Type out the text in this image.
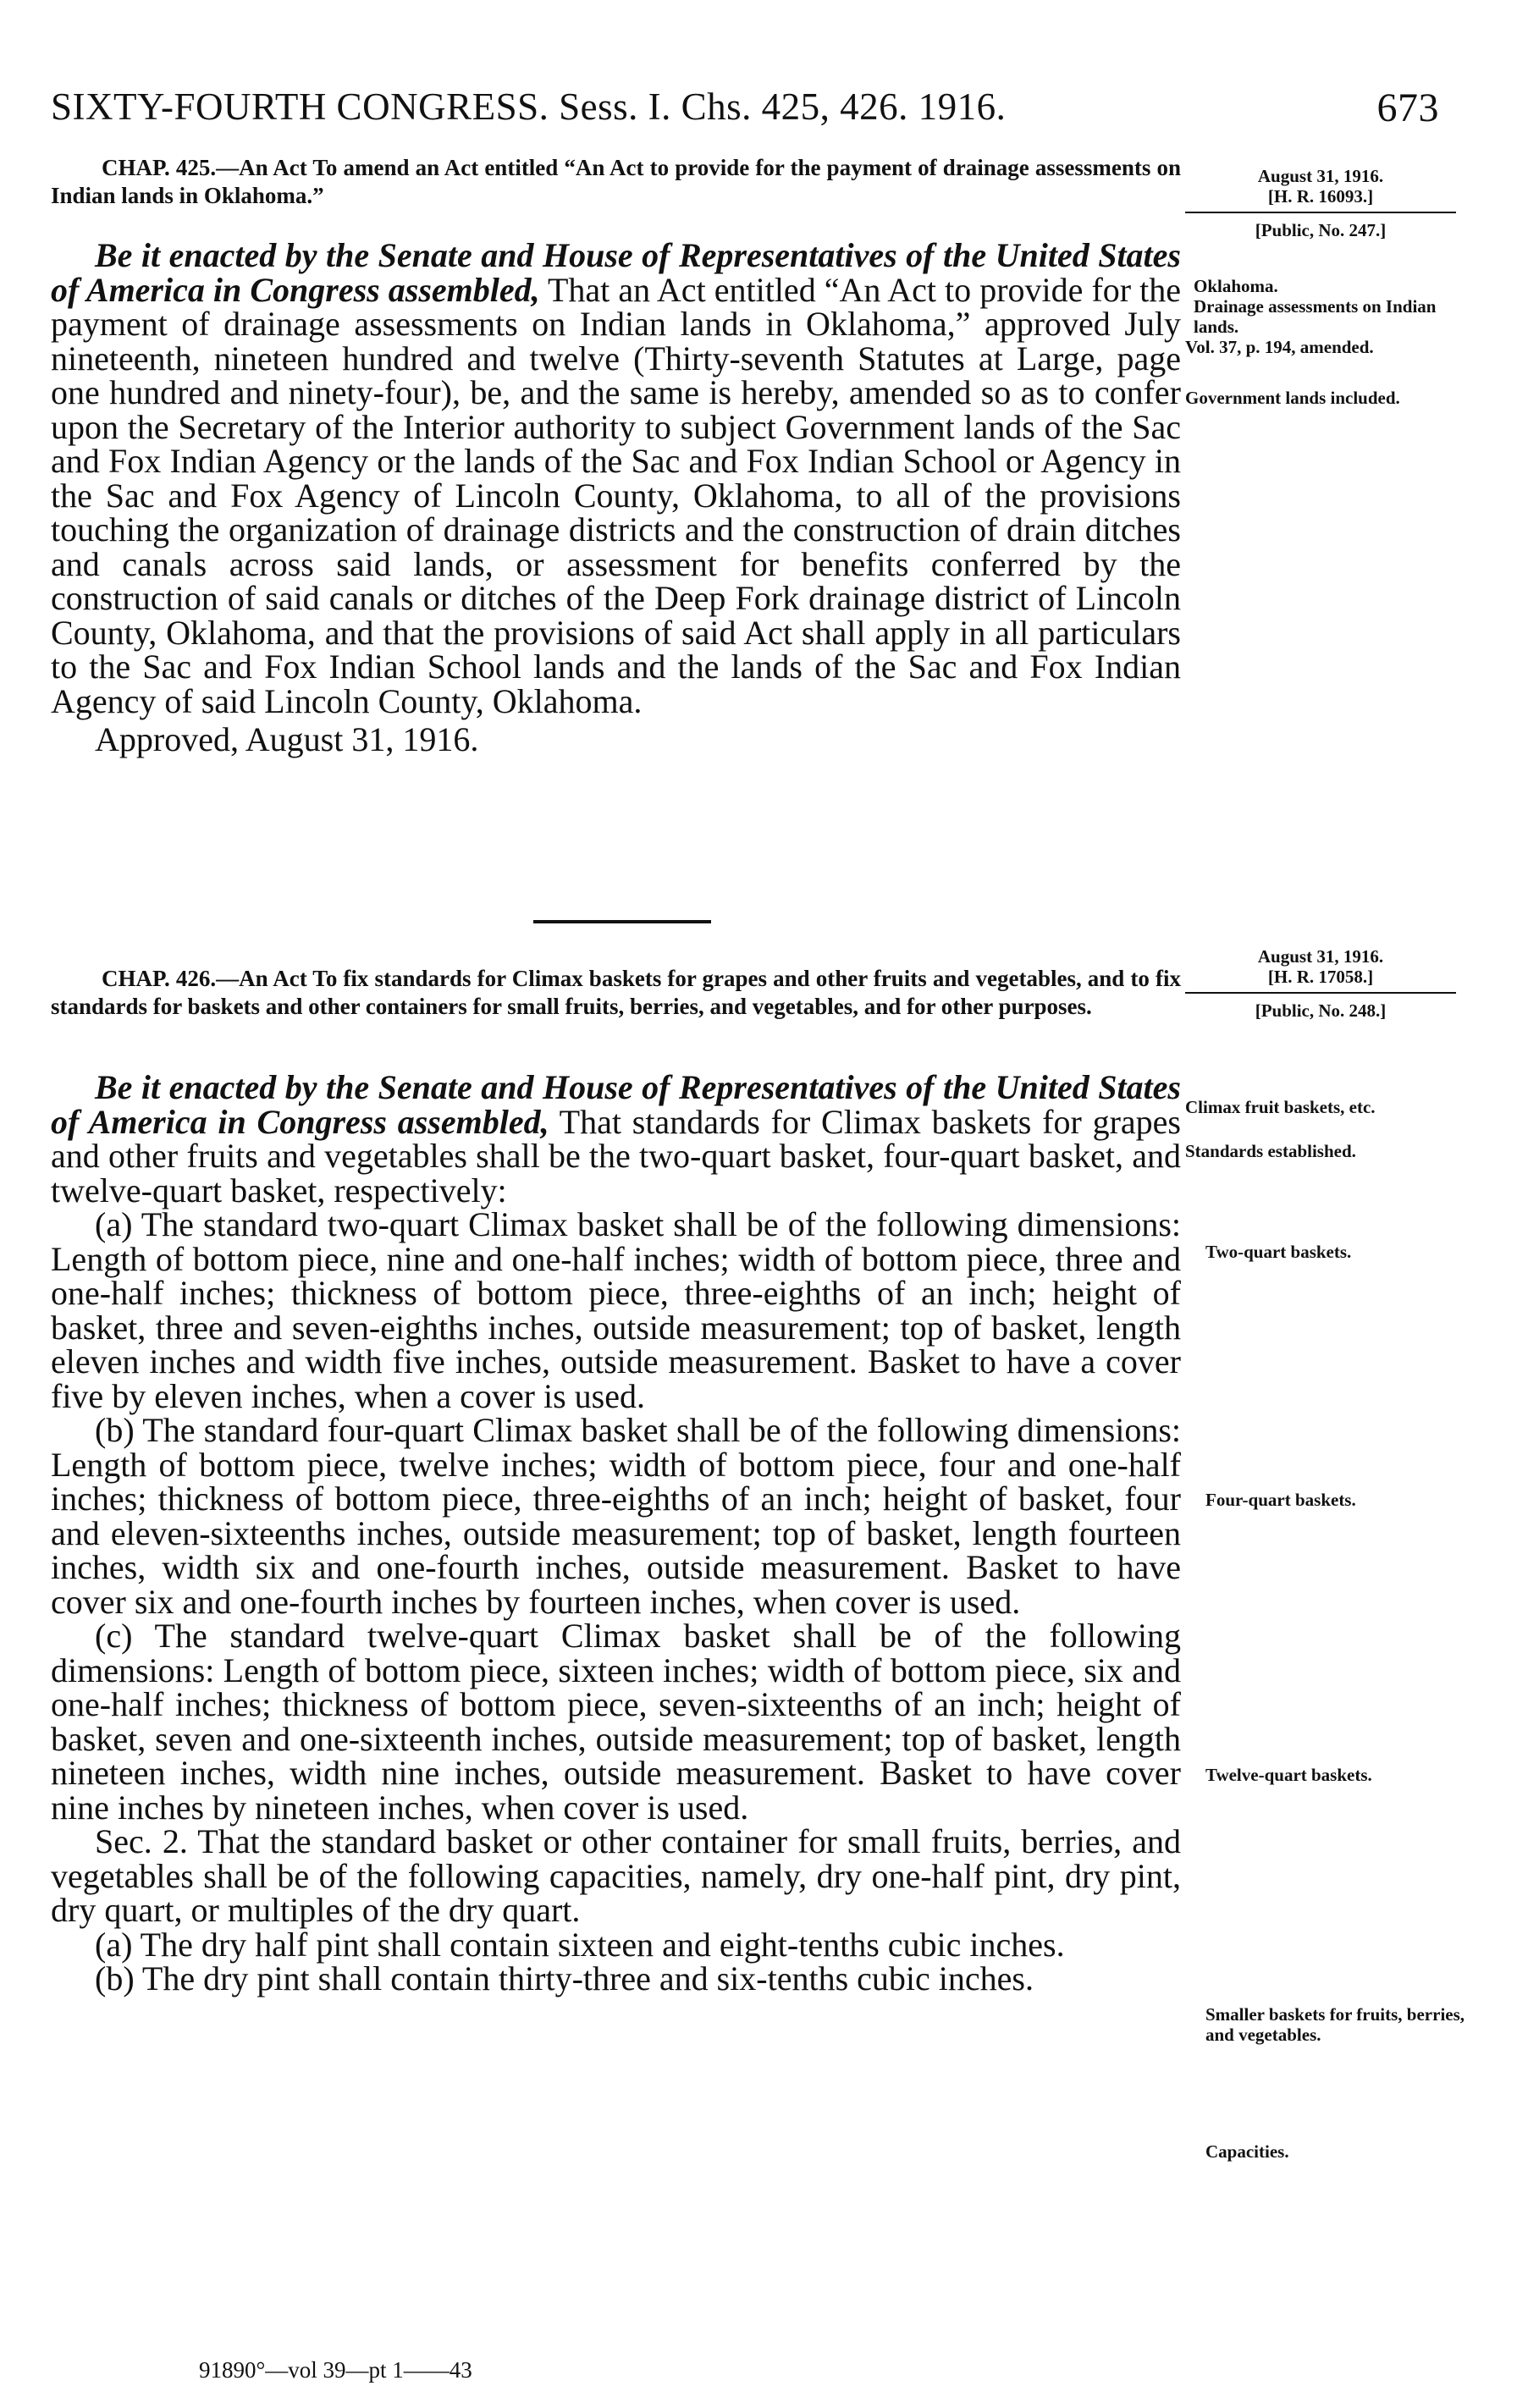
SIXTY-FOURTH CONGRESS. Sess. I. Chs. 425, 426. 1916.	673
CHAP. 425.—An Act To amend an Act entitled “An Act to provide for the payment of drainage assessments on Indian lands in Oklahoma.”

Be it enacted by the Senate and House of Representatives of the United States of America in Congress assembled, That an Act entitled “An Act to provide for the payment of drainage assessments on Indian lands in Oklahoma,” approved July nineteenth, nineteen hundred and twelve (Thirty-seventh Statutes at Large, page one hundred and ninety-four), be, and the same is hereby, amended so as to confer upon the Secretary of the Interior authority to subject Government lands of the Sac and Fox Indian Agency or the lands of the Sac and Fox Indian School or Agency in the Sac and Fox Agency of Lincoln County, Oklahoma, to all of the provisions touching the organization of drainage districts and the construction of drain ditches and canals across said lands, or assessment for benefits conferred by the construction of said canals or ditches of the Deep Fork drainage district of Lincoln County, Oklahoma, and that the provisions of said Act shall apply in all particulars to the Sac and Fox Indian School lands and the lands of the Sac and Fox Indian Agency of said Lincoln County, Oklahoma.

Approved, August 31, 1916.

August 31, 1916.
[H. R. 16093.]
[Public, No. 247.]
Oklahoma.
Drainage assessments on Indian lands.
Vol. 37, p. 194, amended.
Government lands included.
CHAP. 426.—An Act To fix standards for Climax baskets for grapes and other fruits and vegetables, and to fix standards for baskets and other containers for small fruits, berries, and vegetables, and for other purposes.
August 31, 1916.
[H. R. 17058.]
[Public, No. 248.]

Be it enacted by the Senate and House of Representatives of the United States of America in Congress assembled, That standards for Climax baskets for grapes and other fruits and vegetables shall be the two-quart basket, four-quart basket, and twelve-quart basket, respectively:

(a) The standard two-quart Climax basket shall be of the following dimensions: Length of bottom piece, nine and one-half inches; width of bottom piece, three and one-half inches; thickness of bottom piece, three-eighths of an inch; height of basket, three and seven-eighths inches, outside measurement; top of basket, length eleven inches and width five inches, outside measurement. Basket to have a cover five by eleven inches, when a cover is used.

(b) The standard four-quart Climax basket shall be of the following dimensions: Length of bottom piece, twelve inches; width of bottom piece, four and one-half inches; thickness of bottom piece, three-eighths of an inch; height of basket, four and eleven-sixteenths inches, outside measurement; top of basket, length fourteen inches, width six and one-fourth inches, outside measurement. Basket to have cover six and one-fourth inches by fourteen inches, when cover is used.

(c) The standard twelve-quart Climax basket shall be of the following dimensions: Length of bottom piece, sixteen inches; width of bottom piece, six and one-half inches; thickness of bottom piece, seven-sixteenths of an inch; height of basket, seven and one-sixteenth inches, outside measurement; top of basket, length nineteen inches, width nine inches, outside measurement. Basket to have cover nine inches by nineteen inches, when cover is used.

Sec. 2. That the standard basket or other container for small fruits, berries, and vegetables shall be of the following capacities, namely, dry one-half pint, dry pint, dry quart, or multiples of the dry quart.

(a) The dry half pint shall contain sixteen and eight-tenths cubic inches.

(b) The dry pint shall contain thirty-three and six-tenths cubic inches.

Climax fruit baskets, etc.
Standards established.
Two-quart baskets.
Four-quart baskets.
Twelve-quart baskets.
Smaller baskets for fruits, berries, and vegetables.
Capacities.
91890°—vol 39—pt 1——43
